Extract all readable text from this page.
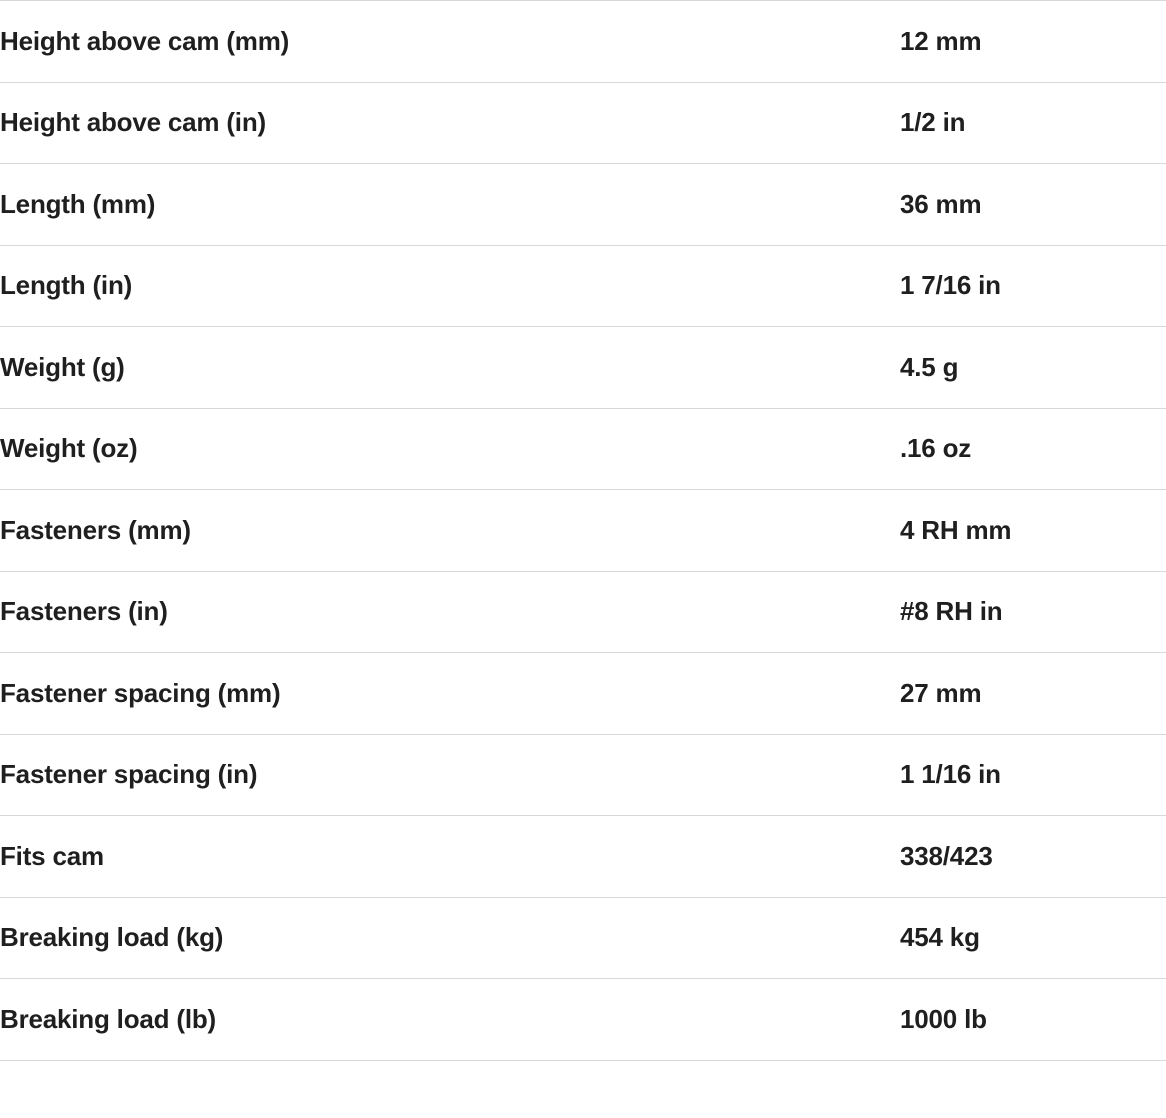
Height above cam (mm)	12 mm
Height above cam (in)	1/2 in
Length (mm)	36 mm
Length (in)	1 7/16 in
Weight (g)	4.5 g
Weight (oz)	.16 oz
Fasteners (mm)	4 RH mm
Fasteners (in)	#8 RH in
Fastener spacing (mm)	27 mm
Fastener spacing (in)	1 1/16 in
Fits cam	338/423
Breaking load (kg)	454 kg
Breaking load (lb)	1000 lb
